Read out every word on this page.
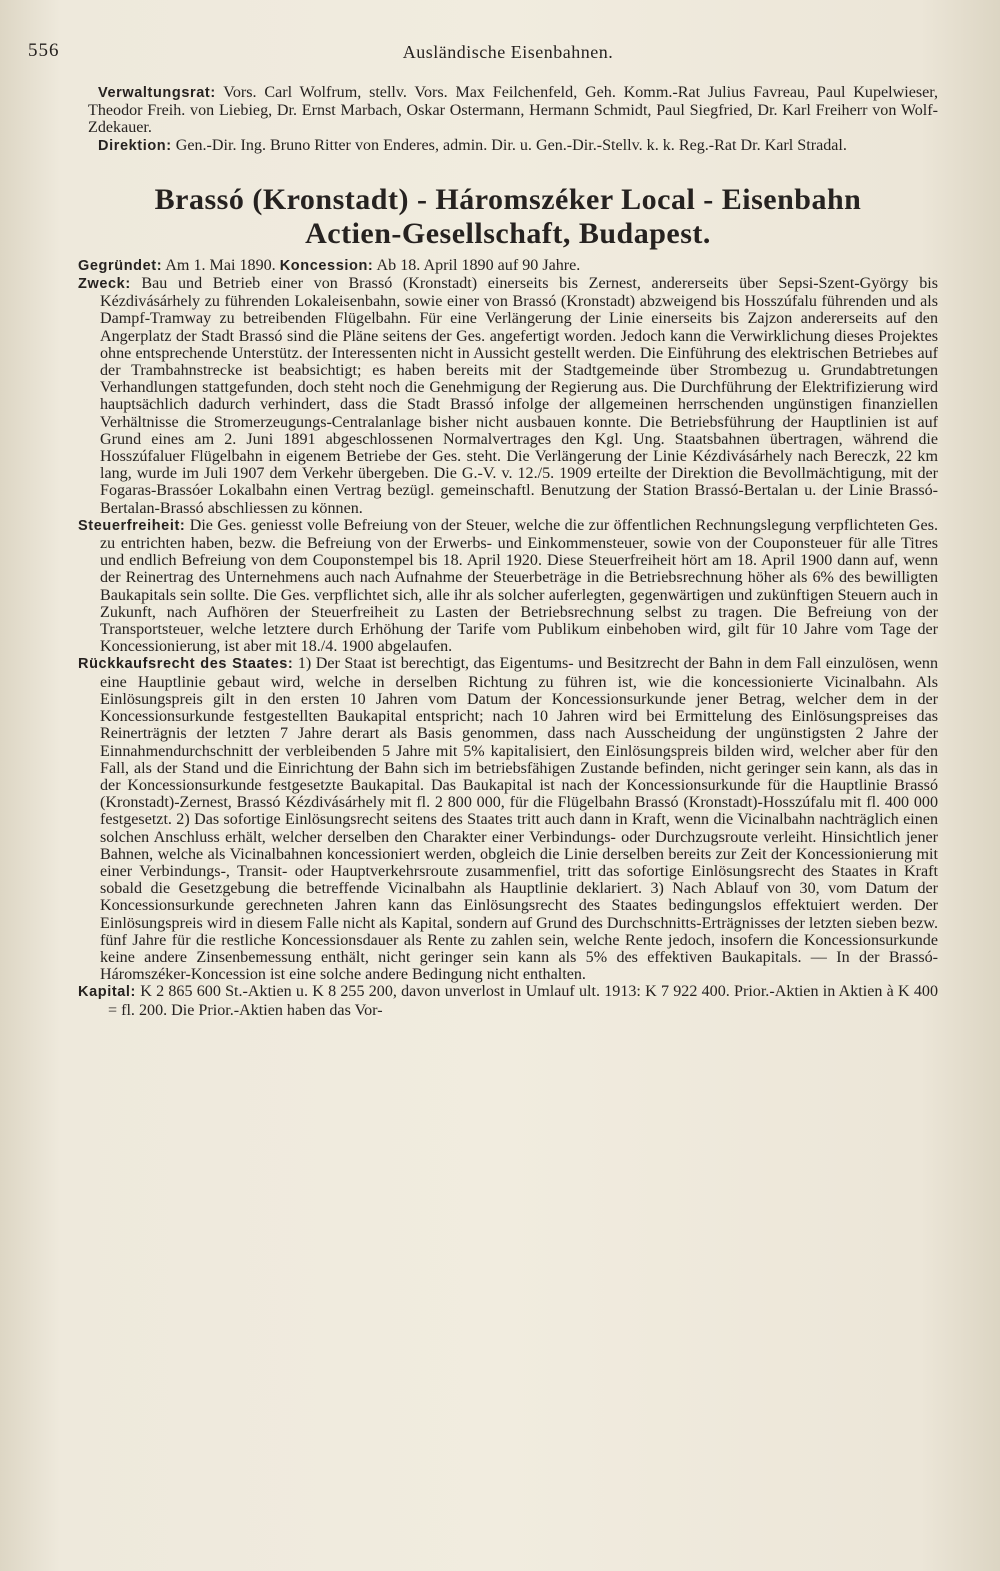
556	Ausländische Eisenbahnen.

Verwaltungsrat: Vors. Carl Wolfrum, stellv. Vors. Max Feilchenfeld, Geh. Komm.-Rat Julius Favreau, Paul Kupelwieser, Theodor Freih. von Liebieg, Dr. Ernst Marbach, Oskar Ostermann, Hermann Schmidt, Paul Siegfried, Dr. Karl Freiherr von Wolf-Zdekauer.

Direktion: Gen.-Dir. Ing. Bruno Ritter von Enderes, admin. Dir. u. Gen.-Dir.-Stellv. k. k. Reg.-Rat Dr. Karl Stradal.

Brassó (Kronstadt) - Háromszéker Local - Eisenbahn
Actien-Gesellschaft, Budapest.

Gegründet: Am 1. Mai 1890. Koncession: Ab 18. April 1890 auf 90 Jahre.

Zweck: Bau und Betrieb einer von Brassó (Kronstadt) einerseits bis Zernest, andererseits über Sepsi-Szent-György bis Kézdivásárhely zu führenden Lokaleisenbahn, sowie einer von Brassó (Kronstadt) abzweigend bis Hosszúfalu führenden und als Dampf-Tramway zu betreibenden Flügelbahn. Für eine Verlängerung der Linie einerseits bis Zajzon andererseits auf den Angerplatz der Stadt Brassó sind die Pläne seitens der Ges. angefertigt worden. Jedoch kann die Verwirklichung dieses Projektes ohne entsprechende Unterstütz. der Interessenten nicht in Aussicht gestellt werden. Die Einführung des elektrischen Betriebes auf der Trambahnstrecke ist beabsichtigt; es haben bereits mit der Stadtgemeinde über Strombezug u. Grundabtretungen Verhandlungen stattgefunden, doch steht noch die Genehmigung der Regierung aus. Die Durchführung der Elektrifizierung wird hauptsächlich dadurch verhindert, dass die Stadt Brassó infolge der allgemeinen herrschenden ungünstigen finanziellen Verhältnisse die Stromerzeugungs-Centralanlage bisher nicht ausbauen konnte. Die Betriebsführung der Hauptlinien ist auf Grund eines am 2. Juni 1891 abgeschlossenen Normalvertrages den Kgl. Ung. Staatsbahnen übertragen, während die Hosszúfaluer Flügelbahn in eigenem Betriebe der Ges. steht. Die Verlängerung der Linie Kézdivásárhely nach Bereczk, 22 km lang, wurde im Juli 1907 dem Verkehr übergeben. Die G.-V. v. 12./5. 1909 erteilte der Direktion die Bevollmächtigung, mit der Fogaras-Brassóer Lokalbahn einen Vertrag bezügl. gemeinschaftl. Benutzung der Station Brassó-Bertalan u. der Linie Brassó-Bertalan-Brassó abschliessen zu können.

Steuerfreiheit: Die Ges. geniesst volle Befreiung von der Steuer, welche die zur öffentlichen Rechnungslegung verpflichteten Ges. zu entrichten haben, bezw. die Befreiung von der Erwerbs- und Einkommensteuer, sowie von der Couponsteuer für alle Titres und endlich Befreiung von dem Couponstempel bis 18. April 1920. Diese Steuerfreiheit hört am 18. April 1900 dann auf, wenn der Reinertrag des Unternehmens auch nach Aufnahme der Steuerbeträge in die Betriebsrechnung höher als 6% des bewilligten Baukapitals sein sollte. Die Ges. verpflichtet sich, alle ihr als solcher auferlegten, gegenwärtigen und zukünftigen Steuern auch in Zukunft, nach Aufhören der Steuerfreiheit zu Lasten der Betriebsrechnung selbst zu tragen. Die Befreiung von der Transportsteuer, welche letztere durch Erhöhung der Tarife vom Publikum einbehoben wird, gilt für 10 Jahre vom Tage der Koncessionierung, ist aber mit 18./4. 1900 abgelaufen.

Rückkaufsrecht des Staates: 1) Der Staat ist berechtigt, das Eigentums- und Besitzrecht der Bahn in dem Fall einzulösen, wenn eine Hauptlinie gebaut wird, welche in derselben Richtung zu führen ist, wie die koncessionierte Vicinalbahn. Als Einlösungspreis gilt in den ersten 10 Jahren vom Datum der Koncessionsurkunde jener Betrag, welcher dem in der Koncessionsurkunde festgestellten Baukapital entspricht; nach 10 Jahren wird bei Ermittelung des Einlösungspreises das Reinerträgnis der letzten 7 Jahre derart als Basis genommen, dass nach Ausscheidung der ungünstigsten 2 Jahre der Einnahmendurchschnitt der verbleibenden 5 Jahre mit 5% kapitalisiert, den Einlösungspreis bilden wird, welcher aber für den Fall, als der Stand und die Einrichtung der Bahn sich im betriebsfähigen Zustande befinden, nicht geringer sein kann, als das in der Koncessionsurkunde festgesetzte Baukapital. Das Baukapital ist nach der Koncessionsurkunde für die Hauptlinie Brassó (Kronstadt)-Zernest, Brassó Kézdivásárhely mit fl. 2 800 000, für die Flügelbahn Brassó (Kronstadt)-Hosszúfalu mit fl. 400 000 festgesetzt. 2) Das sofortige Einlösungsrecht seitens des Staates tritt auch dann in Kraft, wenn die Vicinalbahn nachträglich einen solchen Anschluss erhält, welcher derselben den Charakter einer Verbindungs- oder Durchzugsroute verleiht. Hinsichtlich jener Bahnen, welche als Vicinalbahnen koncessioniert werden, obgleich die Linie derselben bereits zur Zeit der Koncessionierung mit einer Verbindungs-, Transit- oder Hauptverkehrsroute zusammenfiel, tritt das sofortige Einlösungsrecht des Staates in Kraft sobald die Gesetzgebung die betreffende Vicinalbahn als Hauptlinie deklariert. 3) Nach Ablauf von 30, vom Datum der Koncessionsurkunde gerechneten Jahren kann das Einlösungsrecht des Staates bedingungslos effektuiert werden. Der Einlösungspreis wird in diesem Falle nicht als Kapital, sondern auf Grund des Durchschnitts-Erträgnisses der letzten sieben bezw. fünf Jahre für die restliche Koncessionsdauer als Rente zu zahlen sein, welche Rente jedoch, insofern die Koncessionsurkunde keine andere Zinsenbemessung enthält, nicht geringer sein kann als 5% des effektiven Baukapitals. — In der Brassó-Háromszéker-Koncession ist eine solche andere Bedingung nicht enthalten.

Kapital: K 2 865 600 St.-Aktien u. K 8 255 200, davon unverlost in Umlauf ult. 1913: K 7 922 400. Prior.-Aktien in Aktien à K 400 = fl. 200. Die Prior.-Aktien haben das Vor-
